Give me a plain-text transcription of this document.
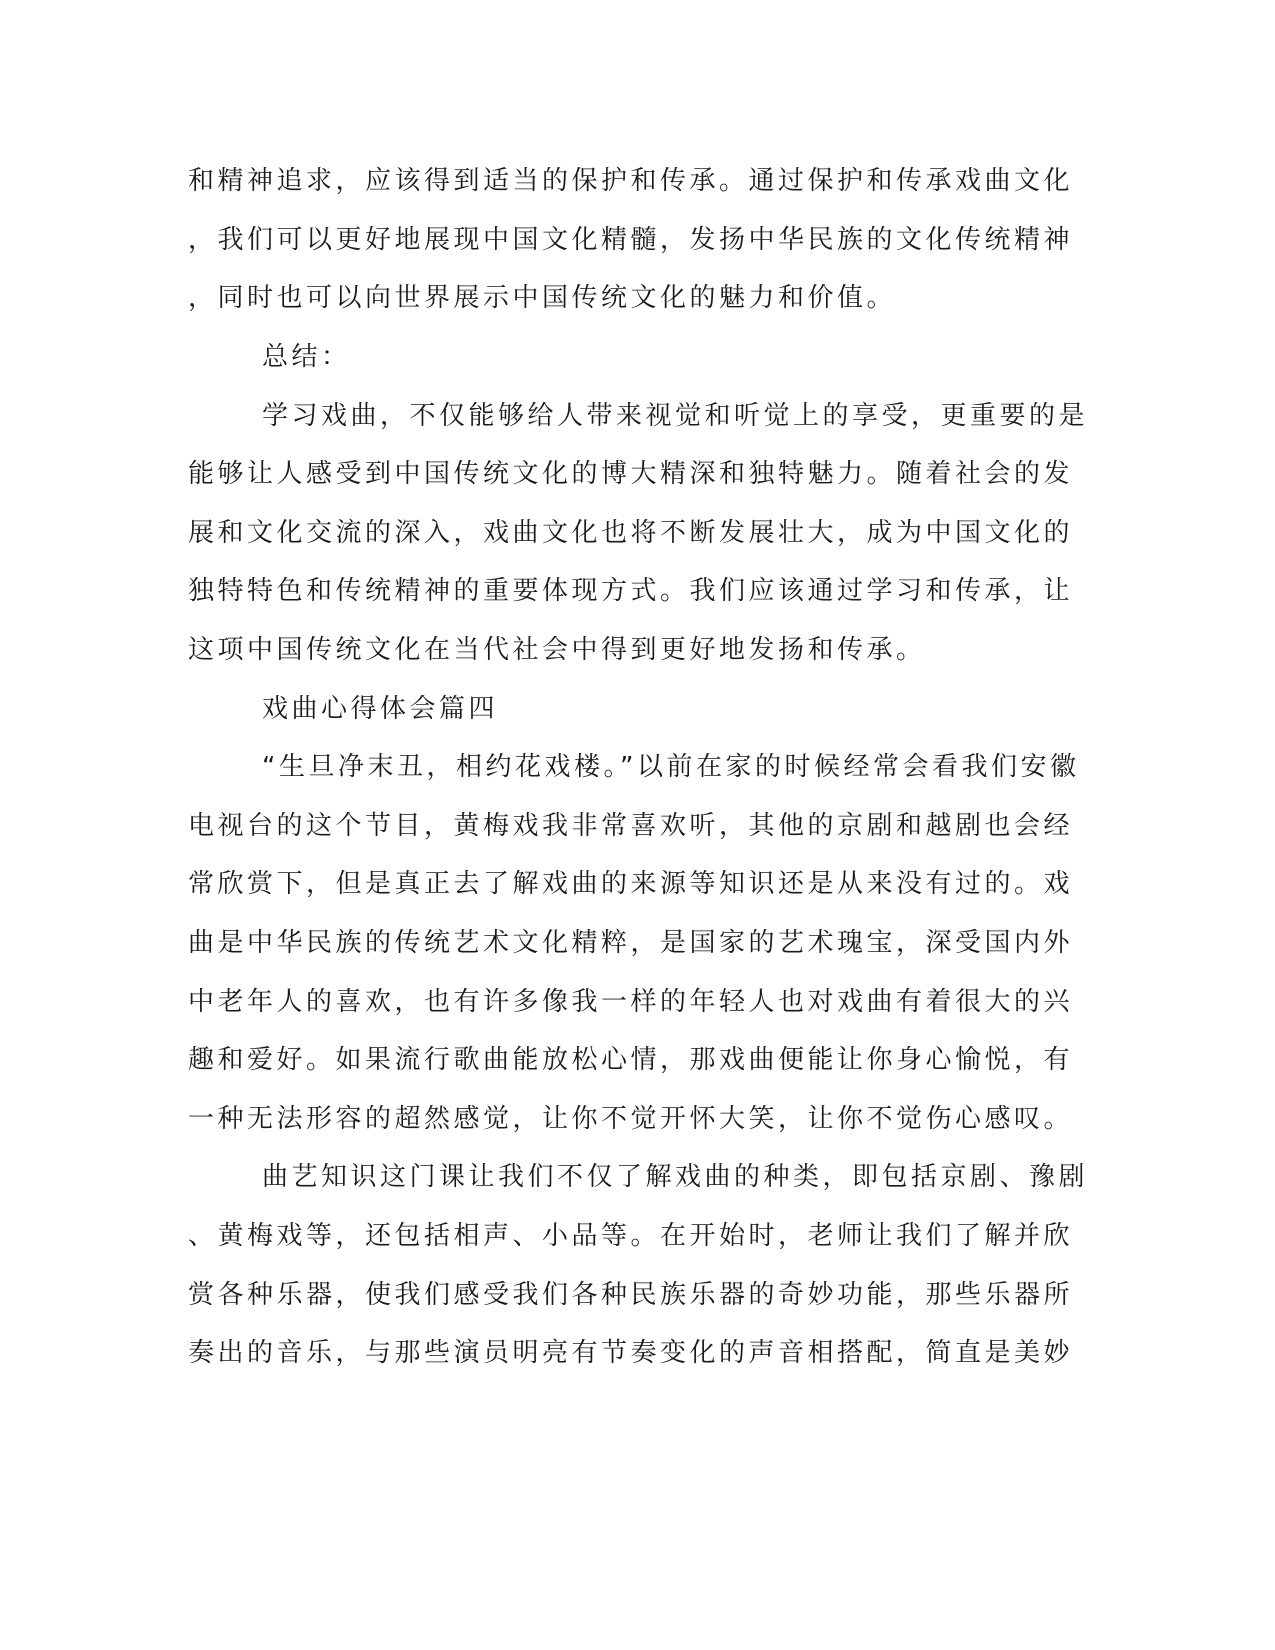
和精神追求，应该得到适当的保护和传承。通过保护和传承戏曲文化
，我们可以更好地展现中国文化精髓，发扬中华民族的文化传统精神
，同时也可以向世界展示中国传统文化的魅力和价值。
总结：
学习戏曲，不仅能够给人带来视觉和听觉上的享受，更重要的是
能够让人感受到中国传统文化的博大精深和独特魅力。随着社会的发
展和文化交流的深入，戏曲文化也将不断发展壮大，成为中国文化的
独特特色和传统精神的重要体现方式。我们应该通过学习和传承，让
这项中国传统文化在当代社会中得到更好地发扬和传承。
戏曲心得体会篇四
“生旦净末丑，相约花戏楼。”以前在家的时候经常会看我们安徽
电视台的这个节目，黄梅戏我非常喜欢听，其他的京剧和越剧也会经
常欣赏下，但是真正去了解戏曲的来源等知识还是从来没有过的。戏
曲是中华民族的传统艺术文化精粹，是国家的艺术瑰宝，深受国内外
中老年人的喜欢，也有许多像我一样的年轻人也对戏曲有着很大的兴
趣和爱好。如果流行歌曲能放松心情，那戏曲便能让你身心愉悦，有
一种无法形容的超然感觉，让你不觉开怀大笑，让你不觉伤心感叹。
曲艺知识这门课让我们不仅了解戏曲的种类，即包括京剧、豫剧
、黄梅戏等，还包括相声、小品等。在开始时，老师让我们了解并欣
赏各种乐器，使我们感受我们各种民族乐器的奇妙功能，那些乐器所
奏出的音乐，与那些演员明亮有节奏变化的声音相搭配，简直是美妙
